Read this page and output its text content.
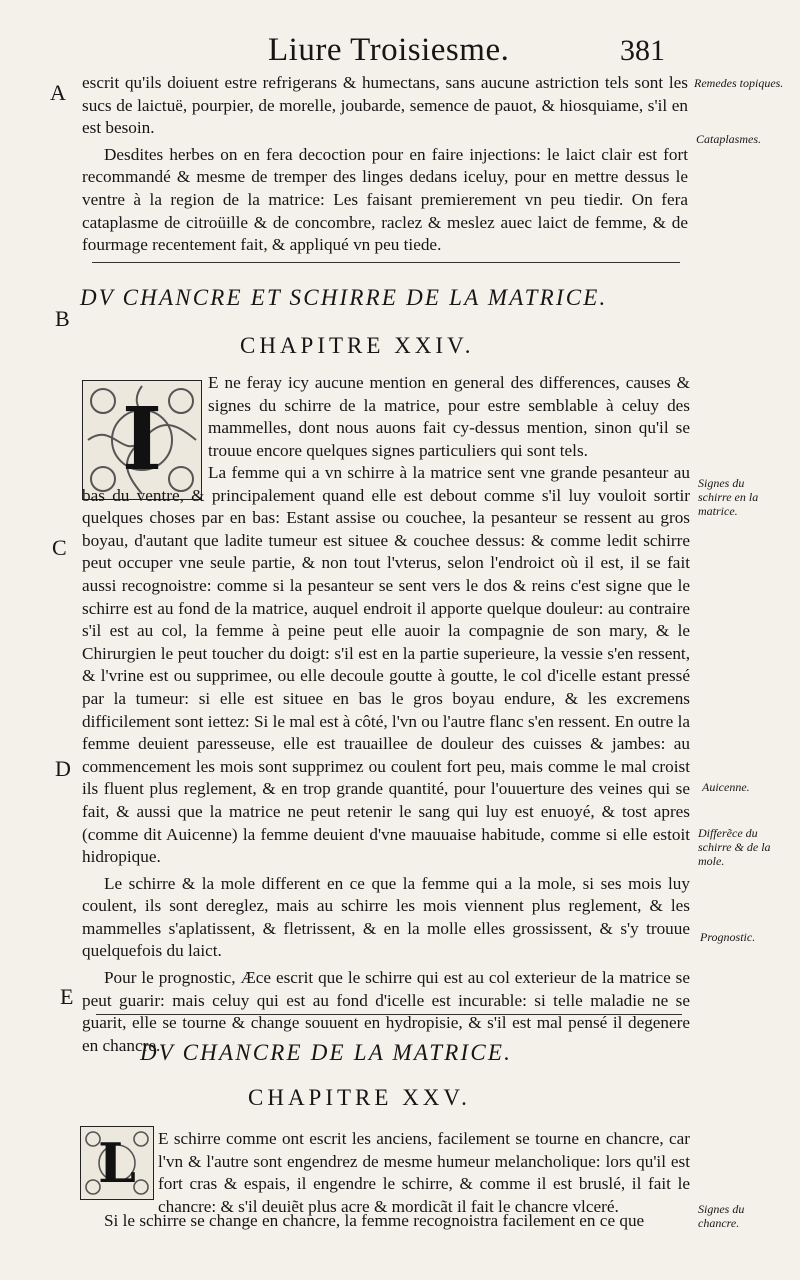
Liure Troisiesme.	381
A
B
C
D
E
Remedes topiques.
Cataplasmes.
Signes du schirre en la matrice.
Auicenne.
Differẽce du schirre & de la mole.
Prognostic.
Signes du chancre.

escrit qu'ils doiuent estre refrigerans & humectans, sans aucune astriction tels sont les sucs de laictuë, pourpier, de morelle, joubarde, semence de pauot, & hiosquiame, s'il en est besoin.

Desdites herbes on en fera decoction pour en faire injections: le laict clair est fort recommandé & mesme de tremper des linges dedans iceluy, pour en mettre dessus le ventre à la region de la matrice: Les faisant premierement vn peu tiedir. On fera cataplasme de citroüille & de concombre, raclez & meslez auec laict de femme, & de fourmage recentement fait, & appliqué vn peu tiede.

DV CHANCRE ET SCHIRRE DE LA MATRICE.
CHAPITRE XXIV.
I

E ne feray icy aucune mention en general des differences, causes & signes du schirre de la matrice, pour estre semblable à celuy des mammelles, dont nous auons fait cy-dessus mention, sinon qu'il se trouue encore quelques signes particuliers qui sont tels.

La femme qui a vn schirre à la matrice sent vne grande pesanteur au bas du ventre, & principalement quand elle est debout comme s'il luy vouloit sortir quelques choses par en bas: Estant assise ou couchee, la pesanteur se ressent au gros boyau, d'autant que ladite tumeur est situee & couchee dessus: & comme ledit schirre peut occuper vne seule partie, & non tout l'vterus, selon l'endroict où il est, il se fait aussi recognoistre: comme si la pesanteur se sent vers le dos & reins c'est signe que le schirre est au fond de la matrice, auquel endroit il apporte quelque douleur: au contraire s'il est au col, la femme à peine peut elle auoir la compagnie de son mary, & le Chirurgien le peut toucher du doigt: s'il est en la partie superieure, la vessie s'en ressent, & l'vrine est ou supprimee, ou elle decoule goutte à goutte, le col d'icelle estant pressé par la tumeur: si elle est situee en bas le gros boyau endure, & les excremens difficilement sont iettez: Si le mal est à côté, l'vn ou l'autre flanc s'en ressent. En outre la femme deuient paresseuse, elle est trauaillee de douleur des cuisses & jambes: au commencement les mois sont supprimez ou coulent fort peu, mais comme le mal croist ils fluent plus reglement, & en trop grande quantité, pour l'ouuerture des veines qui se fait, & aussi que la matrice ne peut retenir le sang qui luy est enuoyé, & tost apres (comme dit Auicenne) la femme deuient d'vne mauuaise habitude, comme si elle estoit hidropique.

Le schirre & la mole different en ce que la femme qui a la mole, si ses mois luy coulent, ils sont dereglez, mais au schirre les mois viennent plus reglement, & les mammelles s'aplatissent, & fletrissent, & en la molle elles grossissent, & s'y trouue quelquefois du laict.

Pour le prognostic, Æce escrit que le schirre qui est au col exterieur de la matrice se peut guarir: mais celuy qui est au fond d'icelle est incurable: si telle maladie ne se guarit, elle se tourne & change souuent en hydropisie, & s'il est mal pensé il degenere en chancre.

DV CHANCRE DE LA MATRICE.
CHAPITRE XXV.
L E schirre comme ont escrit les anciens, facilement se tourne en chancre, car l'vn & l'autre sont engendrez de mesme humeur melancholique: lors qu'il est fort cras & espais, il engendre le schirre, & comme il est bruslé, il fait le chancre: & s'il deuiẽt plus acre & mordicãt il fait le chancre vlceré.

Si le schirre se change en chancre, la femme recognoistra facilement en ce que
